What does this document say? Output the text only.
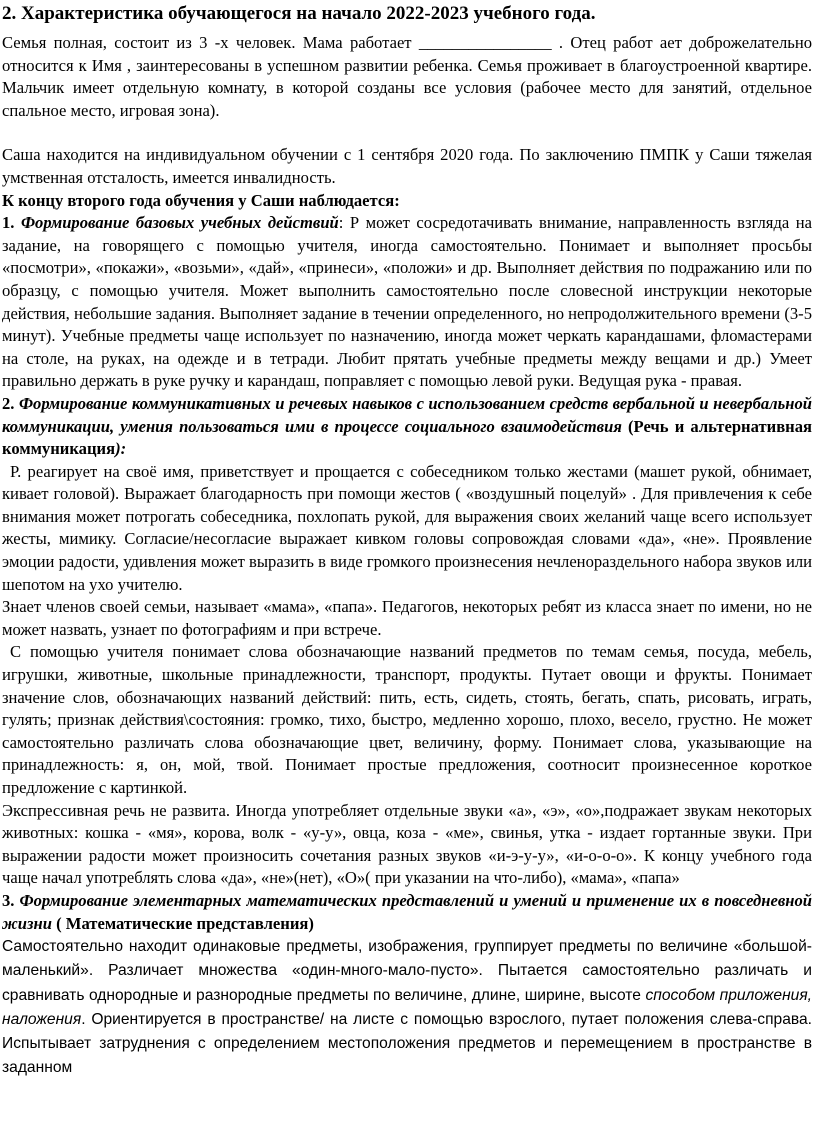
2. Характеристика обучающегося на начало 2022-2023 учебного года.

Семья полная, состоит из 3 -х человек. Мама работает ________________ . Отец работ ает доброжелательно относится к Имя , заинтересованы в успешном развитии ребенка. Семья проживает в благоустроенной квартире. Мальчик имеет отдельную комнату, в которой созданы все условия (рабочее место для занятий, отдельное спальное место, игровая зона).

Саша находится на индивидуальном обучении с 1 сентября 2020 года. По заключению ПМПК у Саши тяжелая умственная отсталость, имеется инвалидность.

К концу второго года обучения у Саши наблюдается:

1. Формирование базовых учебных действий: Р может сосредотачивать внимание, направленность взгляда на задание, на говорящего с помощью учителя, иногда самостоятельно. Понимает и выполняет просьбы «посмотри», «покажи», «возьми», «дай», «принеси», «положи» и др. Выполняет действия по подражанию или по образцу, с помощью учителя. Может выполнить самостоятельно после словесной инструкции некоторые действия, небольшие задания. Выполняет задание в течении определенного, но непродолжительного времени (3-5 минут). Учебные предметы чаще использует по назначению, иногда может черкать карандашами, фломастерами на столе, на руках, на одежде и в тетради. Любит прятать учебные предметы между вещами и др.) Умеет правильно держать в руке ручку и карандаш, поправляет с помощью левой руки. Ведущая рука - правая.

2. Формирование коммуникативных и речевых навыков с использованием средств вербальной и невербальной коммуникации, умения пользоваться ими в процессе социального взаимодействия (Речь и альтернативная коммуникация):

Р. реагирует на своё имя, приветствует и прощается с собеседником только жестами (машет рукой, обнимает, кивает головой). Выражает благодарность при помощи жестов ( «воздушный поцелуй» . Для привлечения к себе внимания может потрогать собеседника, похлопать рукой, для выражения своих желаний чаще всего использует жесты, мимику. Согласие/несогласие выражает кивком головы сопровождая словами «да», «не». Проявление эмоции радости, удивления может выразить в виде громкого произнесения нечленораздельного набора звуков или шепотом на ухо учителю.

Знает членов своей семьи, называет «мама», «папа». Педагогов, некоторых ребят из класса знает по имени, но не может назвать, узнает по фотографиям и при встрече.

С помощью учителя понимает слова обозначающие названий предметов по темам семья, посуда, мебель, игрушки, животные, школьные принадлежности, транспорт, продукты. Путает овощи и фрукты. Понимает значение слов, обозначающих названий действий: пить, есть, сидеть, стоять, бегать, спать, рисовать, играть, гулять; признак действия\состояния: громко, тихо, быстро, медленно хорошо, плохо, весело, грустно. Не может самостоятельно различать слова обозначающие цвет, величину, форму. Понимает слова, указывающие на принадлежность: я, он, мой, твой. Понимает простые предложения, соотносит произнесенное короткое предложение с картинкой.

Экспрессивная речь не развита. Иногда употребляет отдельные звуки «а», «э», «о»,подражает звукам некоторых животных: кошка - «мя», корова, волк - «у-у», овца, коза - «ме», свинья, утка - издает гортанные звуки. При выражении радости может произносить сочетания разных звуков «и-э-у-у», «и-о-о-о». К концу учебного года чаще начал употреблять слова «да», «не»(нет), «О»( при указании на что-либо), «мама», «папа»

3. Формирование элементарных математических представлений и умений и применение их в повседневной жизни ( Математические представления)

Самостоятельно находит одинаковые предметы, изображения, группирует предметы по величине «большой-маленький». Различает множества «один-много-мало-пусто». Пытается самостоятельно различать и сравнивать однородные и разнородные предметы по величине, длине, ширине, высоте способом приложения, наложения. Ориентируется в пространстве/ на листе с помощью взрослого, путает положения слева-справа. Испытывает затруднения с определением местоположения предметов и перемещением в пространстве в заданном
